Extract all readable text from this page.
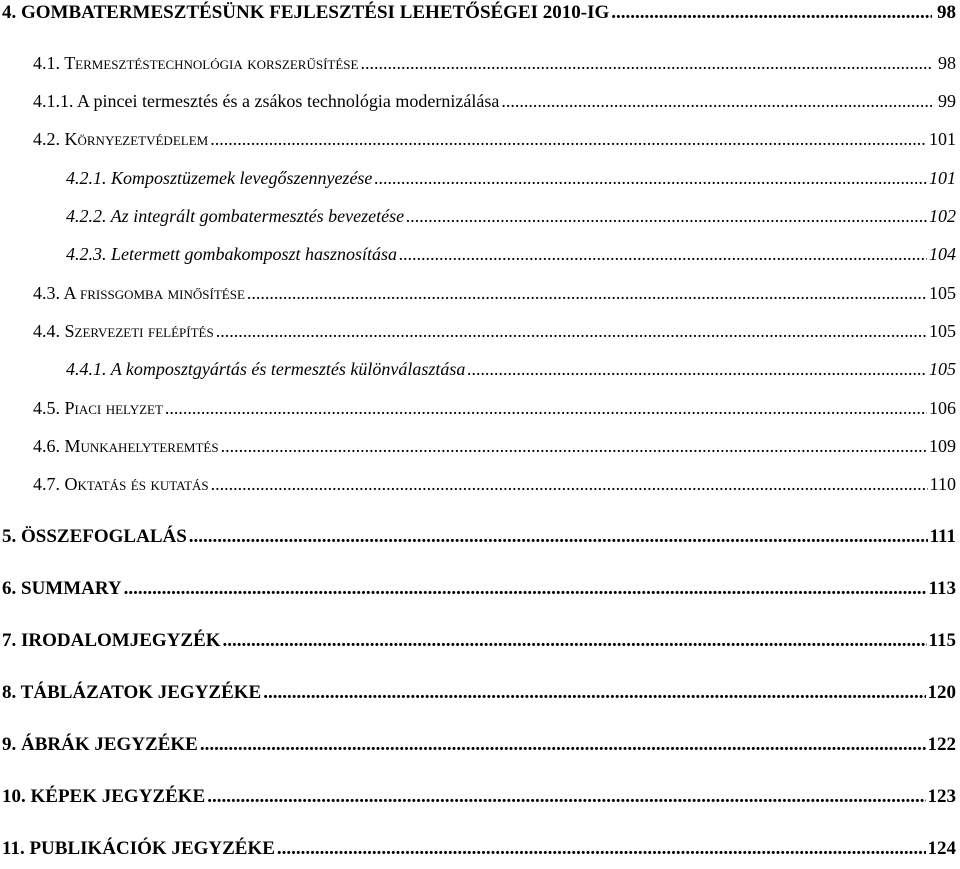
4. GOMBATERMESZTÉSÜNK FEJLESZTÉSI LEHETŐSÉGEI 2010-IG .....	98
4.1. Termesztéstechnológia korszerűsítése .....	98
4.1.1. A pincei termesztés és a zsákos technológia modernizálása .....	99
4.2. Környezetvédelem .....	101
4.2.1. Komposztüzemek levegőszennyezése .....	101
4.2.2. Az integrált gombatermesztés bevezetése .....	102
4.2.3. Letermett gombakomposzt hasznosítása .....	104
4.3. A frissgomba minősítése .....	105
4.4. Szervezeti felépítés .....	105
4.4.1. A komposztgyártás és termesztés különválasztása .....	105
4.5. Piaci helyzet .....	106
4.6. Munkahelyteremtés .....	109
4.7. Oktatás és kutatás .....	110
5. ÖSSZEFOGLALÁS .....	111
6. SUMMARY .....	113
7. IRODALOMJEGYZÉK .....	115
8. TÁBLÁZATOK JEGYZÉKE .....	120
9. ÁBRÁK JEGYZÉKE .....	122
10. KÉPEK JEGYZÉKE .....	123
11. PUBLIKÁCIÓK JEGYZÉKE .....	124
